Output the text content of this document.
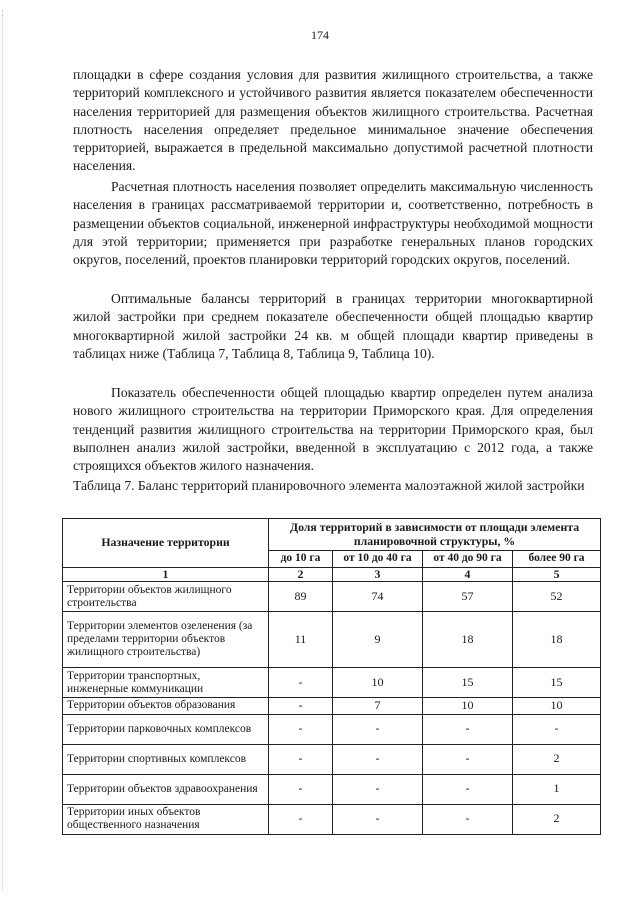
174

площадки в сфере создания условия для развития жилищного строительства, а также территорий комплексного и устойчивого развития является показателем обеспеченности населения территорией для размещения объектов жилищного строительства. Расчетная плотность населения определяет предельное минимальное значение обеспечения территорией, выражается в предельной максимально допустимой расчетной плотности населения.

Расчетная плотность населения позволяет определить максимальную численность населения в границах рассматриваемой территории и, соответственно, потребность в размещении объектов социальной, инженерной инфраструктуры необходимой мощности для этой территории; применяется при разработке генеральных планов городских округов, поселений, проектов планировки территорий городских округов, поселений.

Оптимальные балансы территорий в границах территории многоквартирной жилой застройки при среднем показателе обеспеченности общей площадью квартир многоквартирной жилой застройки 24 кв. м общей площади квартир приведены в таблицах ниже (Таблица 7, Таблица 8, Таблица 9, Таблица 10).

Показатель обеспеченности общей площадью квартир определен путем анализа нового жилищного строительства на территории Приморского края. Для определения тенденций развития жилищного строительства на территории Приморского края, был выполнен анализ жилой застройки, введенной в эксплуатацию с 2012 года, а также строящихся объектов жилого назначения.

Таблица 7. Баланс территорий планировочного элемента малоэтажной жилой застройки

Назначение территории	Доля территорий в зависимости от площади элемента планировочной структуры, %			
	до 10 га	от 10 до 40 га	от 40 до 90 га	более 90 га
1	2	3	4	5
Территории объектов жилищного строительства	89	74	57	52
Территории элементов озеленения (за пределами территории объектов жилищного строительства)	11	9	18	18
Территории транспортных, инженерные коммуникации	-	10	15	15
Территории объектов образования	-	7	10	10
Территории парковочных комплексов	-	-	-	-
Территории спортивных комплексов	-	-	-	2
Территории объектов здравоохранения	-	-	-	1
Территории иных объектов общественного назначения	-	-	-	2
